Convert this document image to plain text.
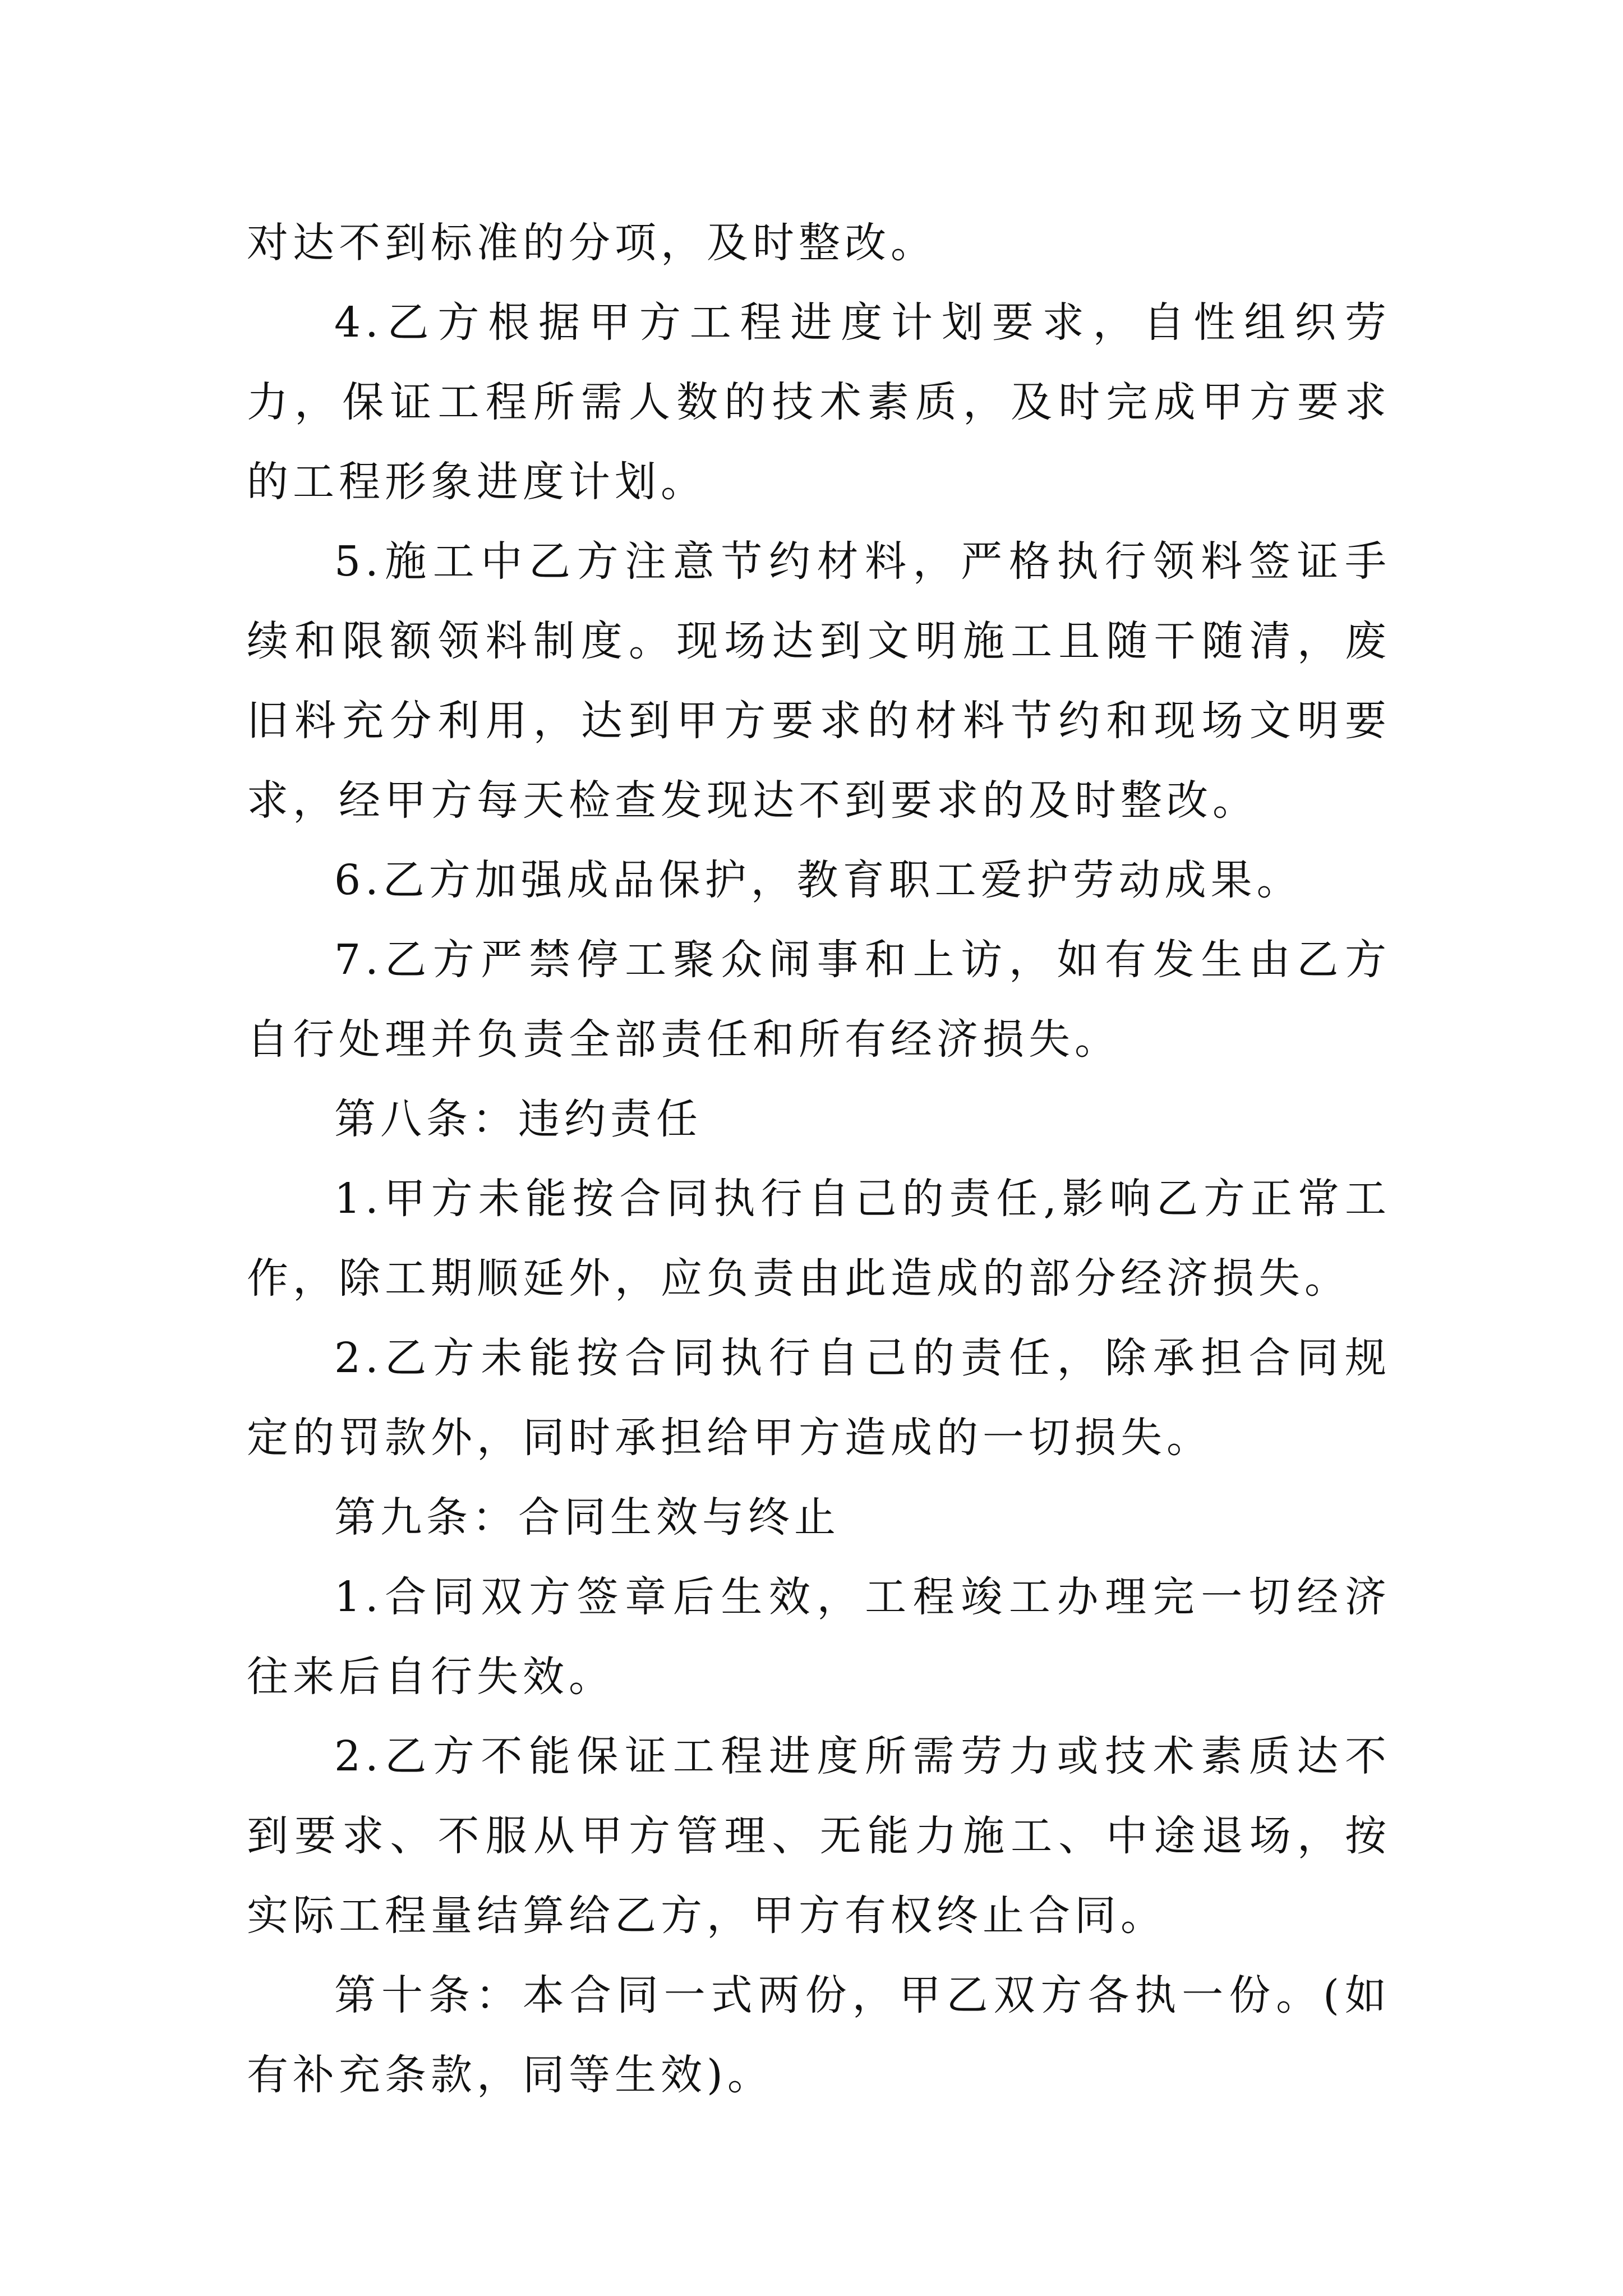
对达不到标准的分项，及时整改。

4.乙方根据甲方工程进度计划要求，自性组织劳力，保证工程所需人数的技术素质，及时完成甲方要求的工程形象进度计划。

5.施工中乙方注意节约材料，严格执行领料签证手续和限额领料制度。现场达到文明施工且随干随清，废旧料充分利用，达到甲方要求的材料节约和现场文明要求，经甲方每天检查发现达不到要求的及时整改。

6.乙方加强成品保护，教育职工爱护劳动成果。

7.乙方严禁停工聚众闹事和上访，如有发生由乙方自行处理并负责全部责任和所有经济损失。

第八条：违约责任

1.甲方未能按合同执行自己的责任,影响乙方正常工作，除工期顺延外，应负责由此造成的部分经济损失。

2.乙方未能按合同执行自己的责任，除承担合同规定的罚款外，同时承担给甲方造成的一切损失。

第九条：合同生效与终止

1.合同双方签章后生效，工程竣工办理完一切经济往来后自行失效。

2.乙方不能保证工程进度所需劳力或技术素质达不到要求、不服从甲方管理、无能力施工、中途退场，按实际工程量结算给乙方，甲方有权终止合同。

第十条：本合同一式两份，甲乙双方各执一份。(如有补充条款，同等生效)。
